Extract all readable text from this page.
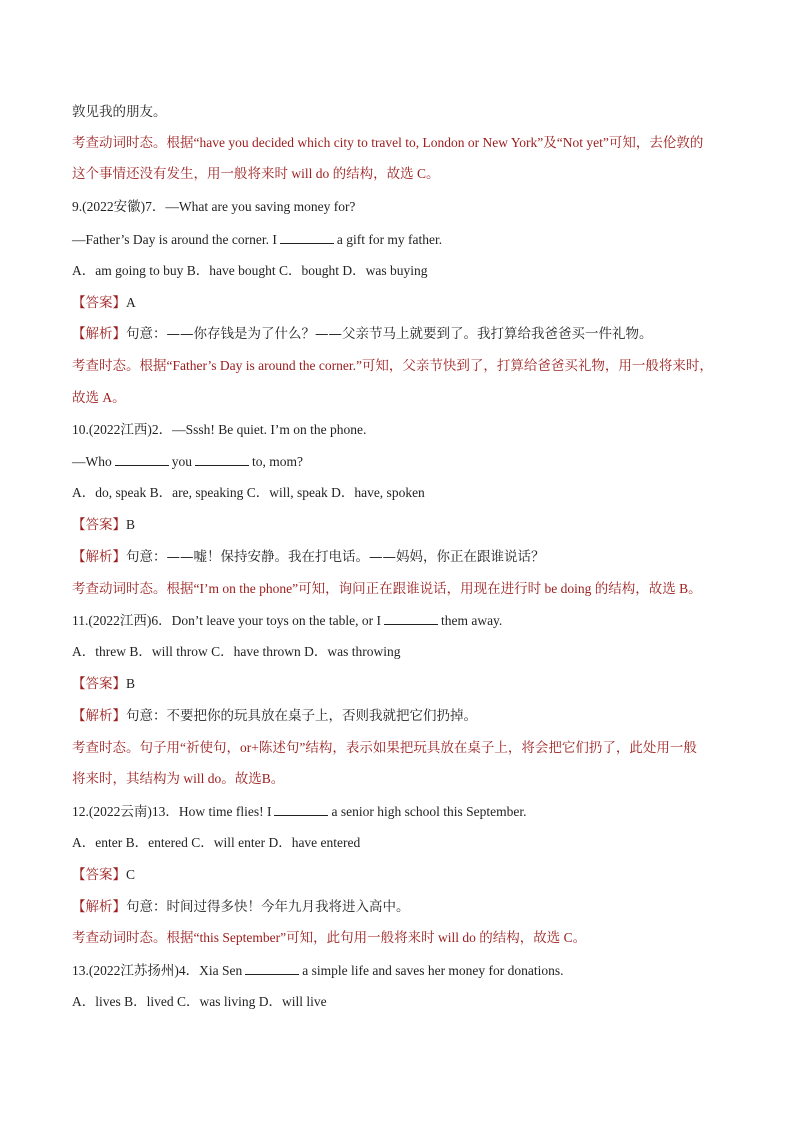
敦见我的朋友。
考查动词时态。根据“have you decided which city to travel to, London or New York”及“Not yet”可知，去伦敦的
这个事情还没有发生，用一般将来时 will do 的结构，故选 C。
9.(2022安徽)7．—What are you saving money for?
—Father’s Day is around the corner. I	a gift for my father.
A．am going to buy B．have bought C．bought D．was buying
【答案】A
【解析】句意：——你存钱是为了什么？——父亲节马上就要到了。我打算给我爸爸买一件礼物。
考查时态。根据“Father’s Day is around the corner.”可知，父亲节快到了，打算给爸爸买礼物，用一般将来时，
故选 A。
10.(2022江西)2．—Sssh! Be quiet. I’m on the phone.
—Who	you	to, mom?
A．do, speak B．are, speaking C．will, speak D．have, spoken
【答案】B
【解析】句意：——嘘！保持安静。我在打电话。——妈妈，你正在跟谁说话？
考查动词时态。根据“I’m on the phone”可知，询问正在跟谁说话，用现在进行时 be doing 的结构，故选 B。
11.(2022江西)6．Don’t leave your toys on the table, or I	them away.
A．threw B．will throw C．have thrown D．was throwing
【答案】B
【解析】句意：不要把你的玩具放在桌子上，否则我就把它们扔掉。
考查时态。句子用“祈使句，or+陈述句”结构，表示如果把玩具放在桌子上，将会把它们扔了，此处用一般
将来时，其结构为 will do。故选B。
12.(2022云南)13．How time flies! I	a senior high school this September.
A．enter B．entered C．will enter D．have entered
【答案】C
【解析】句意：时间过得多快！今年九月我将进入高中。
考查动词时态。根据“this September”可知，此句用一般将来时 will do 的结构，故选 C。
13.(2022江苏扬州)4．Xia Sen	a simple life and saves her money for donations.
A．lives B．lived C．was living D．will live
